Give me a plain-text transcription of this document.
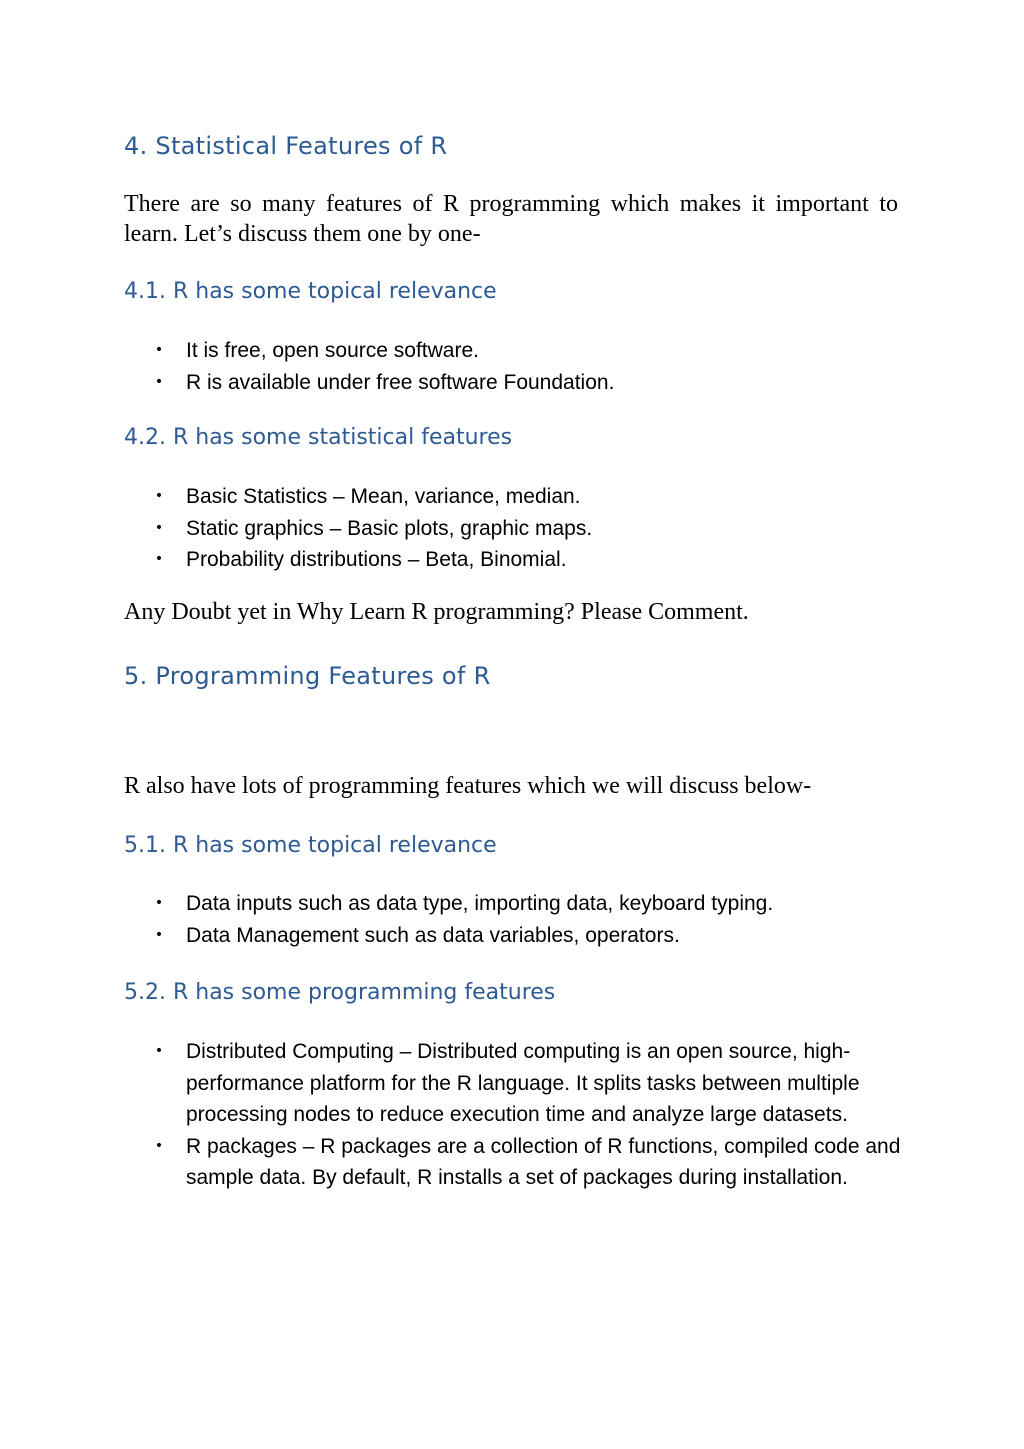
4. Statistical Features of R

There are so many features of R programming which makes it important to learn. Let’s discuss them one by one-

4.1. R has some topical relevance
• It is free, open source software.
• R is available under free software Foundation.
4.2. R has some statistical features
• Basic Statistics – Mean, variance, median.
• Static graphics – Basic plots, graphic maps.
• Probability distributions – Beta, Binomial.

Any Doubt yet in Why Learn R programming? Please Comment.

5. Programming Features of R

R also have lots of programming features which we will discuss below-

5.1. R has some topical relevance
• Data inputs such as data type, importing data, keyboard typing.
• Data Management such as data variables, operators.
5.2. R has some programming features
• Distributed Computing – Distributed computing is an open source, high-performance platform for the R language. It splits tasks between multiple processing nodes to reduce execution time and analyze large datasets.
• R packages – R packages are a collection of R functions, compiled code and sample data. By default, R installs a set of packages during installation.
